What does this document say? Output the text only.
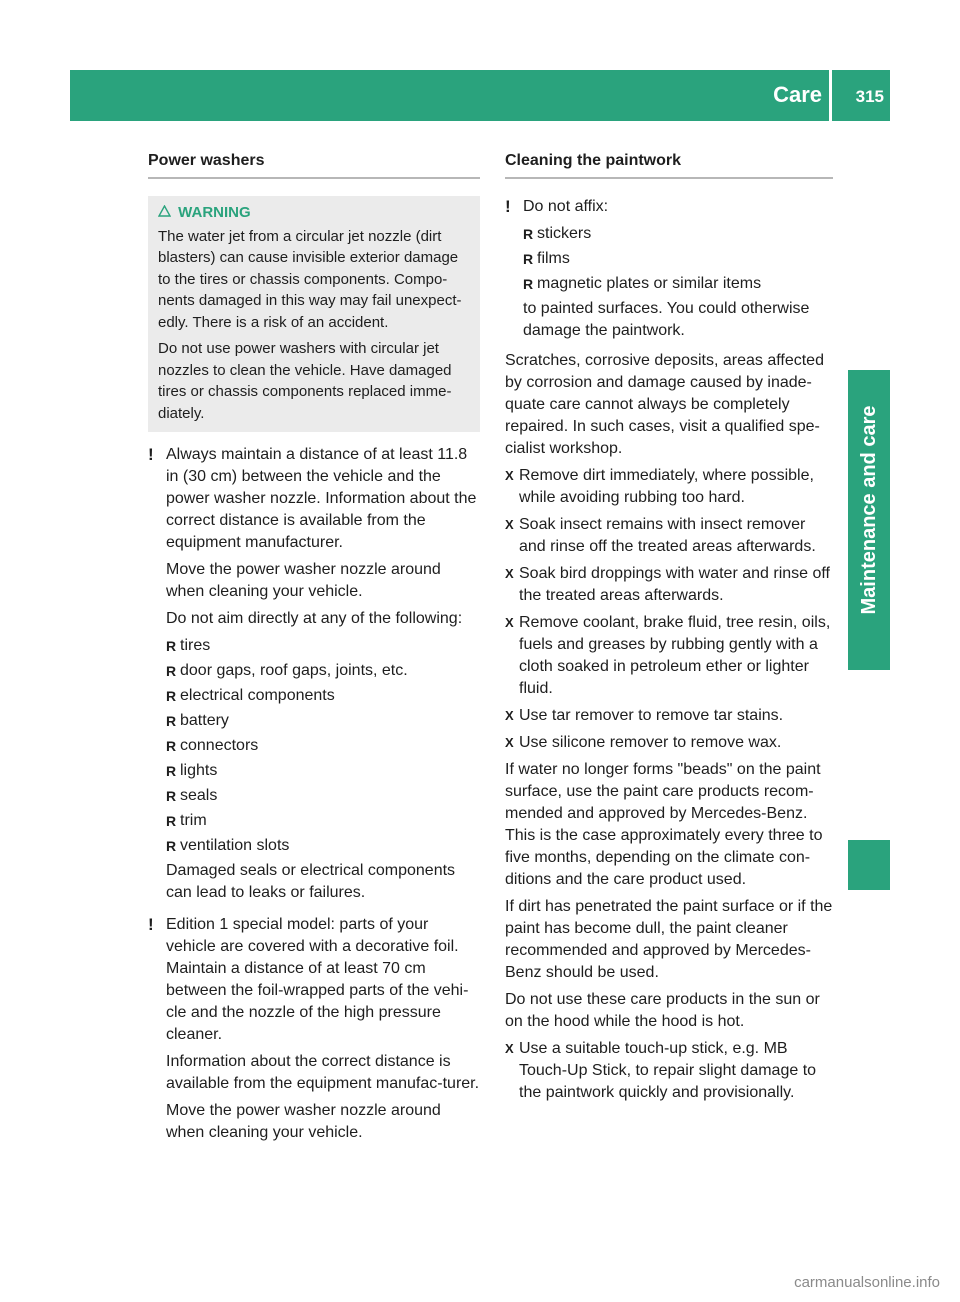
Care 315
Maintenance and care
Power washers
WARNING

The water jet from a circular jet nozzle (dirt blasters) can cause invisible exterior damage to the tires or chassis components. Compo-nents damaged in this way may fail unexpect-edly. There is a risk of an accident.

Do not use power washers with circular jet nozzles to clean the vehicle. Have damaged tires or chassis components replaced imme-diately.

! Always maintain a distance of at least 11.8 in (30 cm) between the vehicle and the power washer nozzle. Information about the correct distance is available from the equipment manufacturer.

Move the power washer nozzle around when cleaning your vehicle.

Do not aim directly at any of the following:

R tires
R door gaps, roof gaps, joints, etc.
R electrical components
R battery
R connectors
R lights
R seals
R trim
R ventilation slots

Damaged seals or electrical components can lead to leaks or failures.

! Edition 1 special model: parts of your vehicle are covered with a decorative foil. Maintain a distance of at least 70 cm between the foil-wrapped parts of the vehi-cle and the nozzle of the high pressure cleaner.

Information about the correct distance is available from the equipment manufac-turer.

Move the power washer nozzle around when cleaning your vehicle.

Cleaning the paintwork
! Do not affix:

R stickers
R films
R magnetic plates or similar items

to painted surfaces. You could otherwise damage the paintwork.

Scratches, corrosive deposits, areas affected by corrosion and damage caused by inade-quate care cannot always be completely repaired. In such cases, visit a qualified spe-cialist workshop.

X Remove dirt immediately, where possible, while avoiding rubbing too hard.
X Soak insect remains with insect remover and rinse off the treated areas afterwards.
X Soak bird droppings with water and rinse off the treated areas afterwards.
X Remove coolant, brake fluid, tree resin, oils, fuels and greases by rubbing gently with a cloth soaked in petroleum ether or lighter fluid.
X Use tar remover to remove tar stains.
X Use silicone remover to remove wax.

If water no longer forms "beads" on the paint surface, use the paint care products recom-mended and approved by Mercedes-Benz. This is the case approximately every three to five months, depending on the climate con-ditions and the care product used.

If dirt has penetrated the paint surface or if the paint has become dull, the paint cleaner recommended and approved by Mercedes-Benz should be used.

Do not use these care products in the sun or on the hood while the hood is hot.

X Use a suitable touch-up stick, e.g. MB Touch-Up Stick, to repair slight damage to the paintwork quickly and provisionally.
carmanualsonline.info
